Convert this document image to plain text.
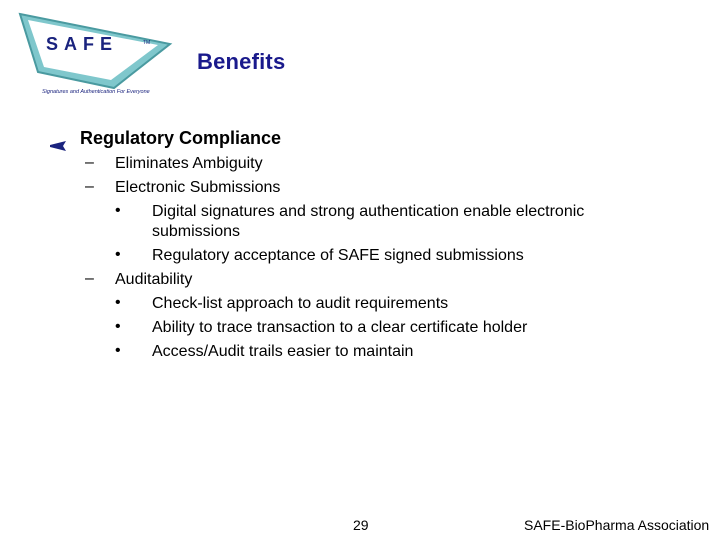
SAFE	TM
Signatures and Authentication For Everyone
Benefits
Regulatory Compliance
– Eliminates Ambiguity
– Electronic Submissions
• Digital signatures and strong authentication enable electronic
submissions
• Regulatory acceptance of SAFE signed submissions
– Auditability
• Check-list approach to audit requirements
• Ability to trace transaction to a clear certificate holder
• Access/Audit trails easier to maintain
29	SAFE-BioPharma Association
